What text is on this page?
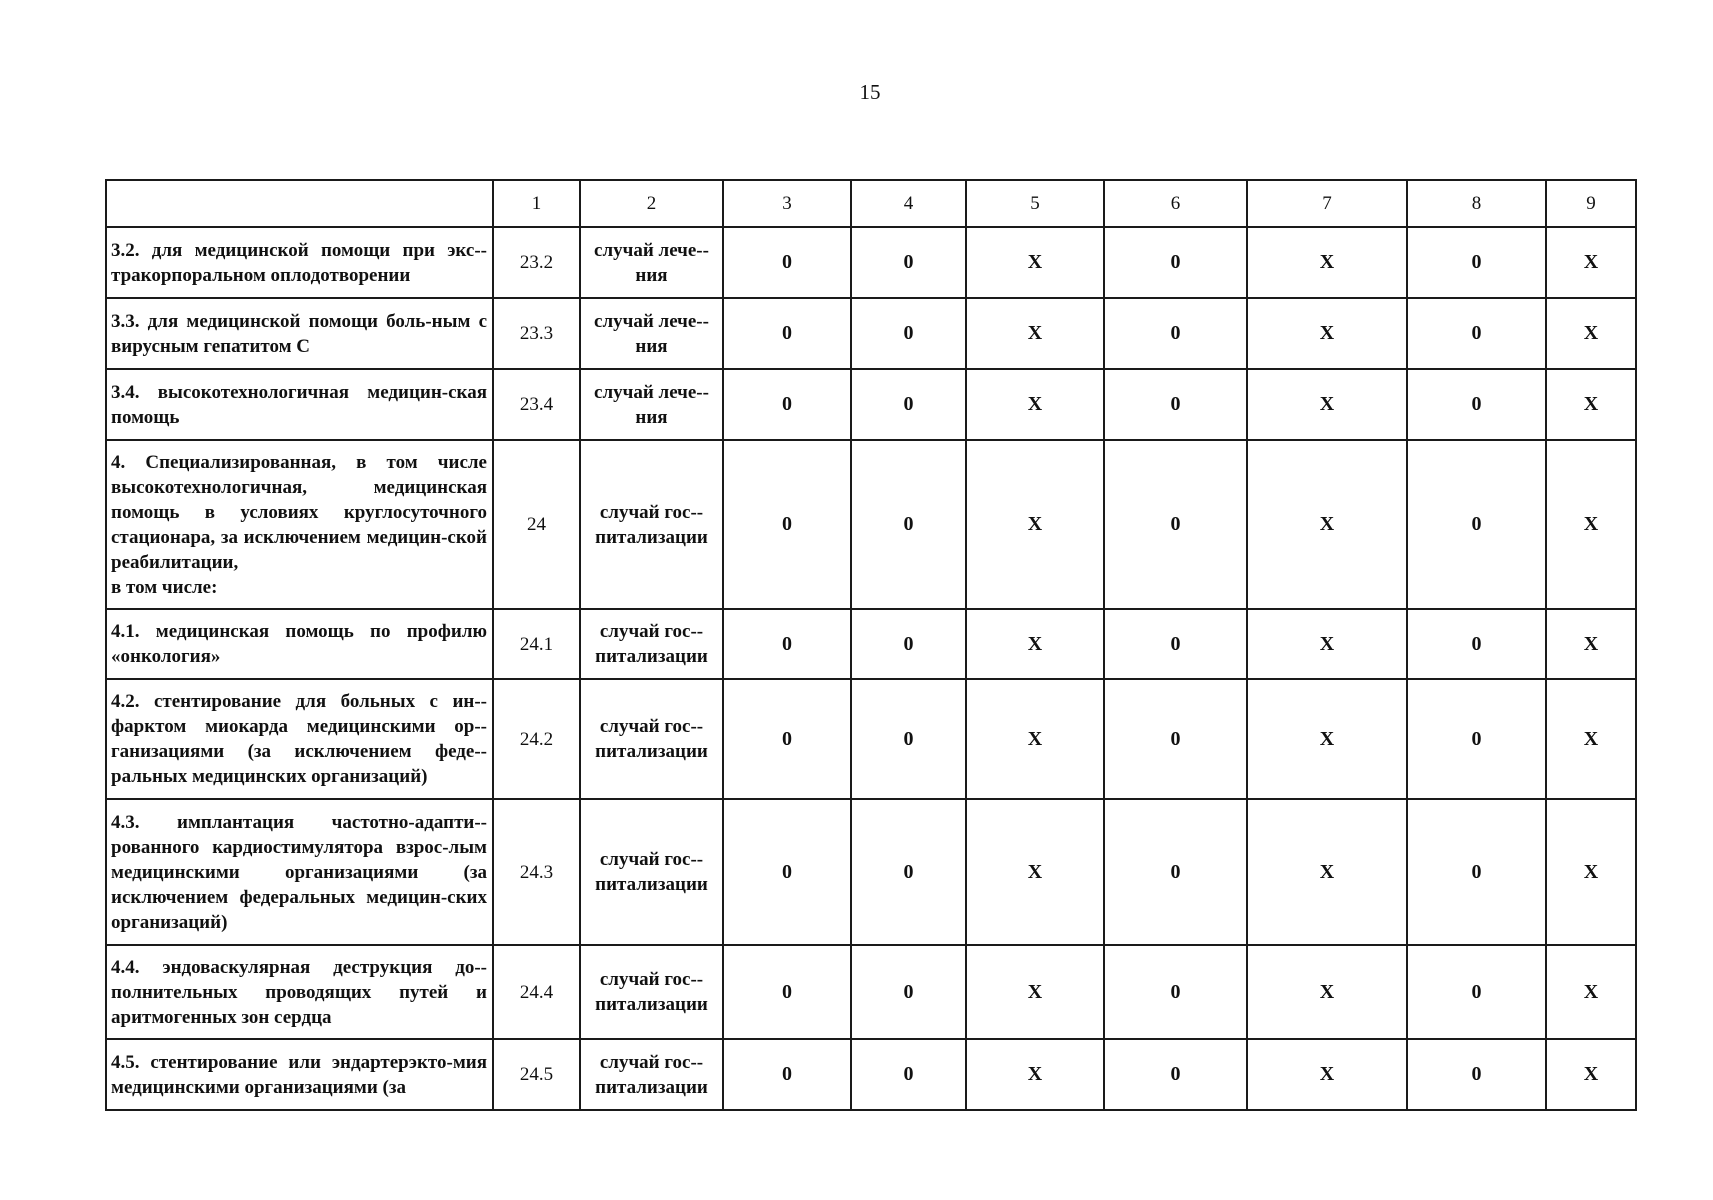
15
	1	2	3	4	5	6	7	8	9
3.2. для медицинской помощи при экс-тракорпоральном оплодотворении	23.2	случай лече-ния	0	0	X	0	X	0	X
3.3. для медицинской помощи боль-ным с вирусным гепатитом С	23.3	случай лече-ния	0	0	X	0	X	0	X
3.4. высокотехнологичная медицин-ская помощь	23.4	случай лече-ния	0	0	X	0	X	0	X
4. Специализированная, в том числе высокотехнологичная, медицинская помощь в условиях круглосуточного стационара, за исключением медицин-ской реабилитации,
в том числе:	24	случай гос-питализации	0	0	X	0	X	0	X
4.1. медицинская помощь по профилю «онкология»	24.1	случай гос-питализации	0	0	X	0	X	0	X
4.2. стентирование для больных с ин-фарктом миокарда медицинскими ор-ганизациями (за исключением феде-ральных медицинских организаций)	24.2	случай гос-питализации	0	0	X	0	X	0	X
4.3. имплантация частотно-адапти-рованного кардиостимулятора взрос-лым медицинскими организациями (за исключением федеральных медицин-ских организаций)	24.3	случай гос-питализации	0	0	X	0	X	0	X
4.4. эндоваскулярная деструкция до-полнительных проводящих путей и аритмогенных зон сердца	24.4	случай гос-питализации	0	0	X	0	X	0	X
4.5. стентирование или эндартерэкто-мия медицинскими организациями (за	24.5	случай гос-питализации	0	0	X	0	X	0	X
